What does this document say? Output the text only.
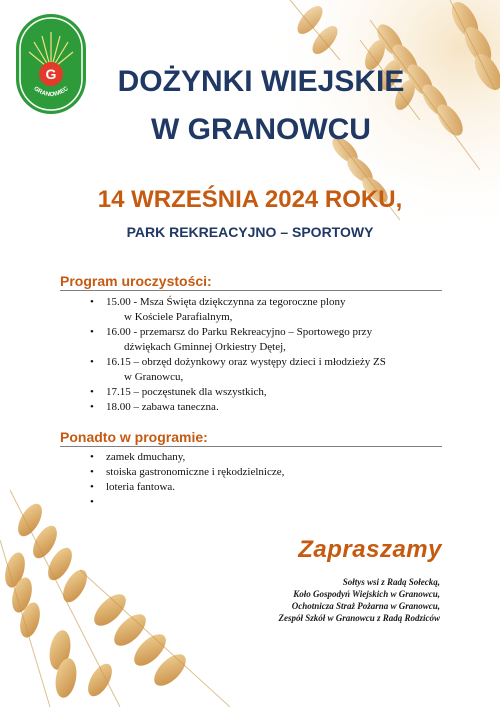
G
GRANOWIEC	DOŻYNKI WIEJSKIE
W GRANOWCU
14 WRZEŚNIA 2024 ROKU,
PARK REKREACYJNO – SPORTOWY
Program uroczystości:
• 15.00 - Msza Święta dziękczynna za tegoroczne plony
w Kościele Parafialnym,
• 16.00 - przemarsz do Parku Rekreacyjno – Sportowego przy
dźwiękach Gminnej Orkiestry Dętej,
• 16.15 – obrzęd dożynkowy oraz występy dzieci i młodzieży ZS
w Granowcu,
• 17.15 – poczęstunek dla wszystkich,
• 18.00 – zabawa taneczna.
Ponadto w programie:
• zamek dmuchany,
• stoiska gastronomiczne i rękodzielnicze,
• loteria fantowa.
•
Zapraszamy
Sołtys wsi z Radą Sołecką,
Koło Gospodyń Wiejskich w Granowcu,
Ochotnicza Straż Pożarna w Granowcu,
Zespół Szkół w Granowcu z Radą Rodziców
